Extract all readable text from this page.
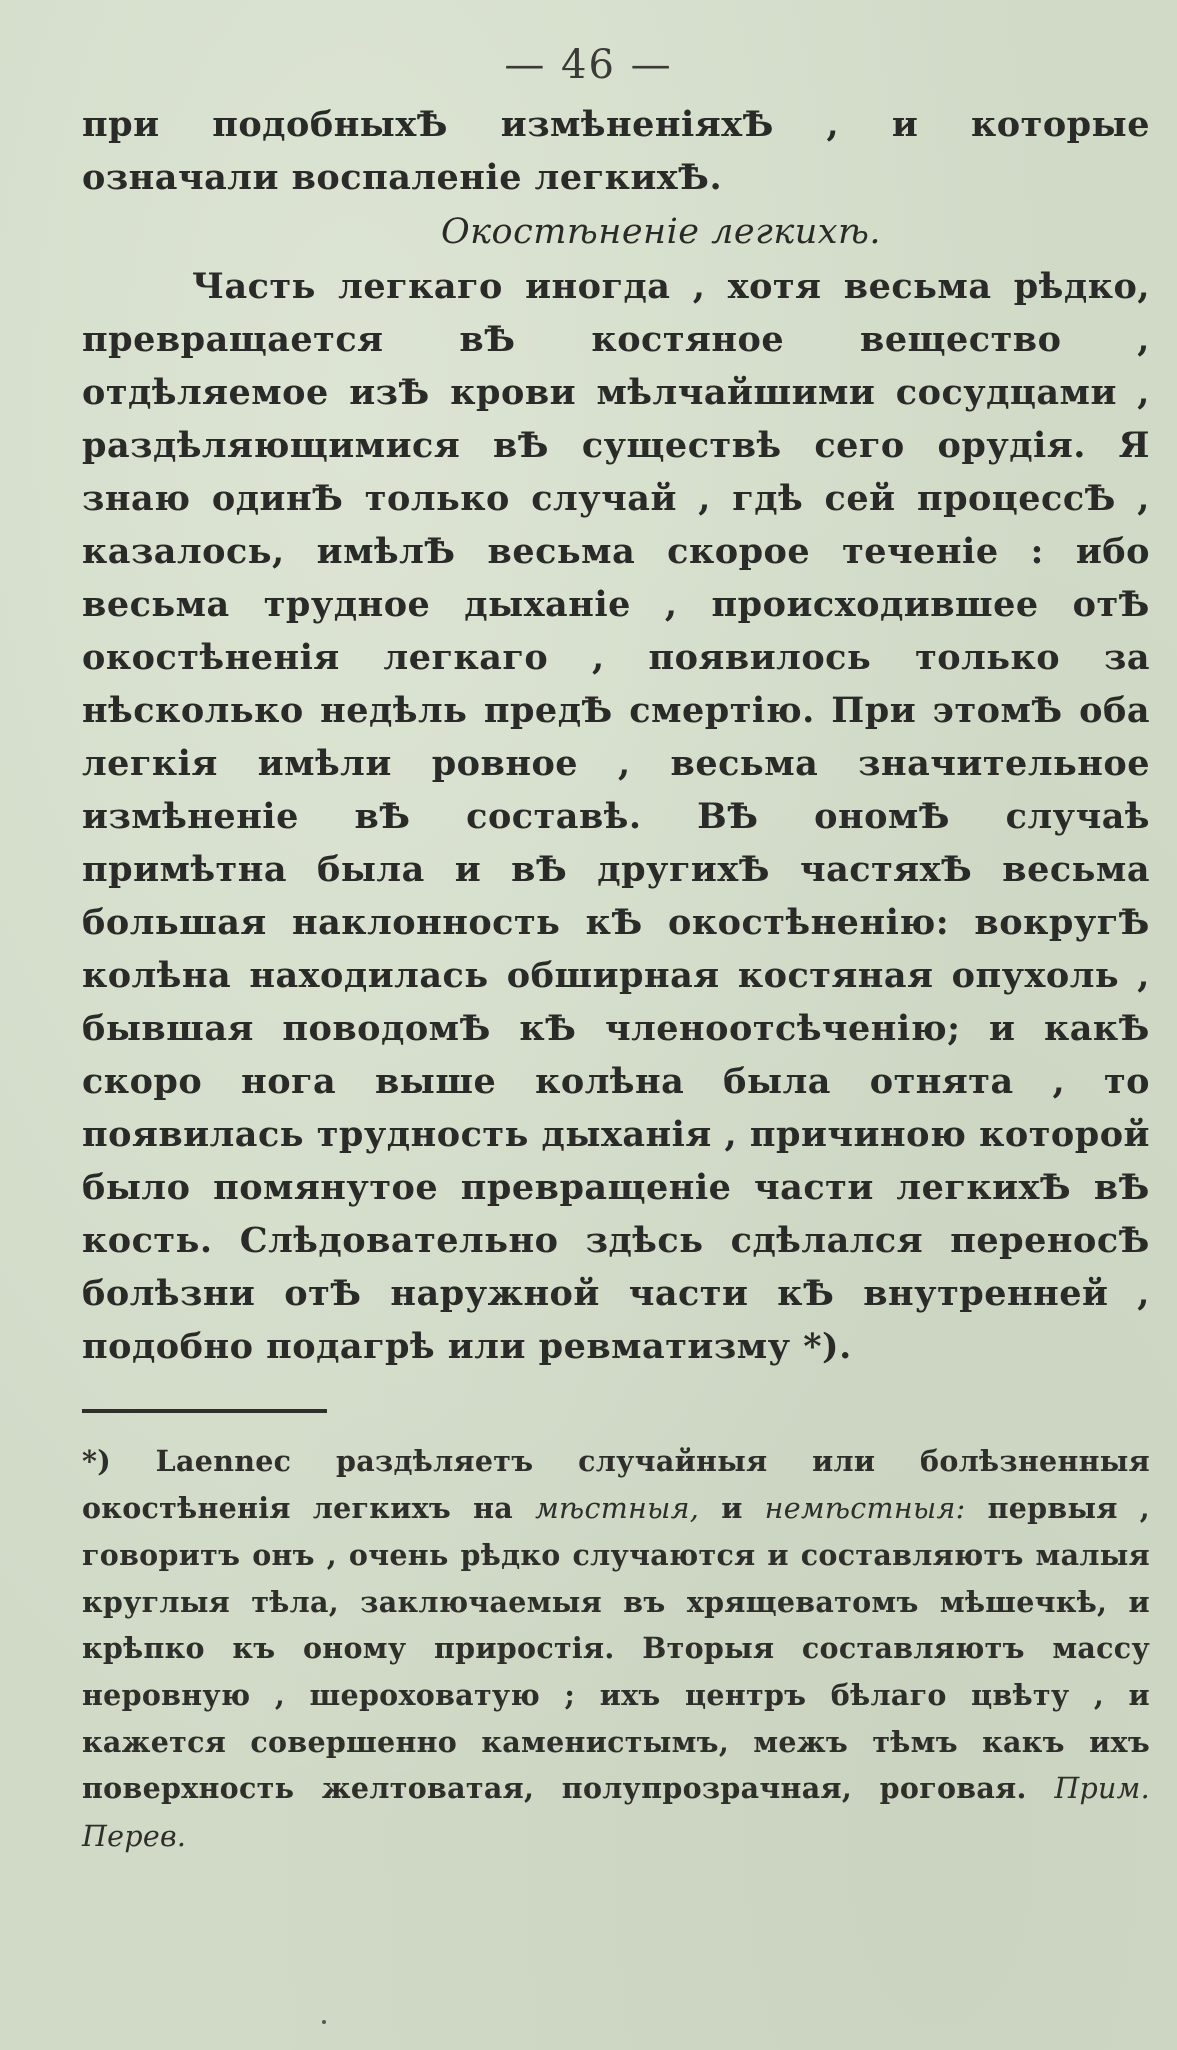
— 46 —

при подобныхѢ измѣненіяхѢ , и которые означали воспаленіе легкихѢ.

Окостѣненіе легкихѣ.

Часть легкаго иногда , хотя весьма рѣдко, превращается вѢ костяное вещество , отдѣляемое изѢ крови мѣлчайшими сосудцами , раздѣляющимися вѢ существѣ сего орудія. Я знаю одинѢ только случай , гдѣ сей процессѢ , казалось, имѣлѢ весьма скорое теченіе : ибо весьма трудное дыханіе , происходившее отѢ окостѣненія легкаго , появилось только за нѣсколько недѣль предѢ смертію. При этомѢ оба легкія имѣли ровное , весьма значительное измѣненіе вѢ составѣ. ВѢ ономѢ случаѣ примѣтна была и вѢ другихѢ частяхѢ весьма большая наклонность кѢ окостѣненію: вокругѢ колѣна находилась обширная костяная опухоль , бывшая поводомѢ кѢ членоотсѣченію; и какѢ скоро нога выше колѣна была отнята , то появилась трудность дыханія , причиною которой было помянутое превращеніе части легкихѢ вѢ кость. Слѣдовательно здѣсь сдѣлался переносѢ болѣзни отѢ наружной части кѢ внутренней , подобно подагрѣ или ревматизму *).

*) Laennec раздѣляетъ случайныя или болѣзненныя окостѣненія легкихъ на мѣстныя, и немѣстныя: первыя , говоритъ онъ , очень рѣдко случаются и составляютъ малыя круглыя тѣла, заключаемыя въ хрящеватомъ мѣшечкѣ, и крѣпко къ оному приростія. Вторыя составляютъ массу неровную , шероховатую ; ихъ центръ бѣлаго цвѣту , и кажется совершенно каменистымъ, межъ тѣмъ какъ ихъ поверхность желтоватая, полупрозрачная, роговая. Прим. Перев.
